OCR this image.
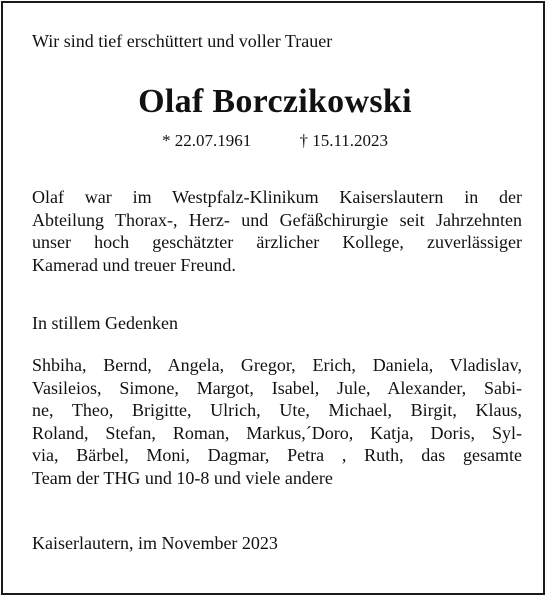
Wir sind tief erschüttert und voller Trauer
Olaf Borczikowski
* 22.07.1961	† 15.11.2023
Olaf war im Westpfalz-Klinikum Kaiserslautern in der
Abteilung Thorax-, Herz- und Gefäßchirurgie seit Jahrzehnten
unser hoch geschätzter ärzlicher Kollege, zuverlässiger
Kamerad und treuer Freund.
In stillem Gedenken
Shbiha, Bernd, Angela, Gregor, Erich, Daniela, Vladislav,
Vasileios, Simone, Margot, Isabel, Jule, Alexander, Sabi-
ne, Theo, Brigitte, Ulrich, Ute, Michael, Birgit, Klaus,
Roland, Stefan, Roman, Markus,´Doro, Katja, Doris, Syl-
via, Bärbel, Moni, Dagmar, Petra , Ruth, das gesamte
Team der THG und 10-8 und viele andere
Kaiserlautern, im November 2023
